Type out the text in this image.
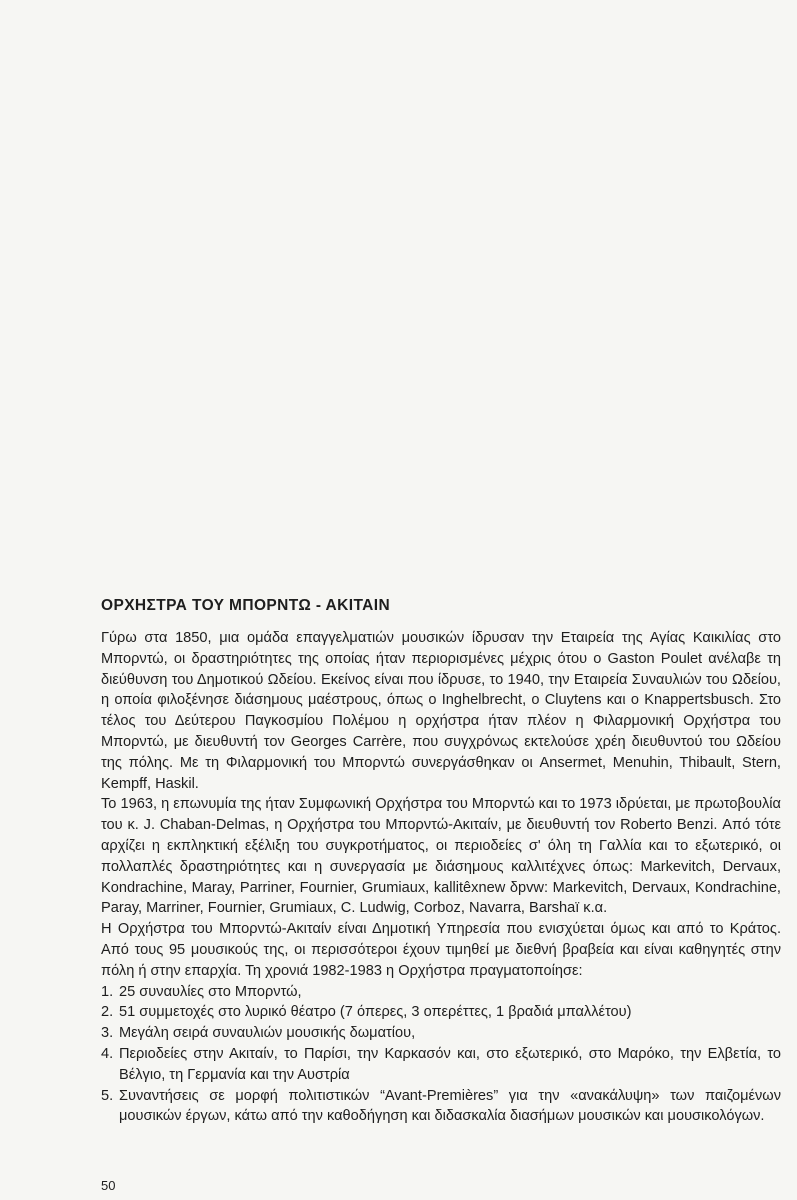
ΟΡΧΗΣΤΡΑ ΤΟΥ ΜΠΟΡΝΤΩ - ΑΚΙΤΑΙΝ

Γύρω στα 1850, μια ομάδα επαγγελματιών μουσικών ίδρυσαν την Εταιρεία της Αγίας Καικιλίας στο Μπορντώ, οι δραστηριότητες της οποίας ήταν περιορισμένες μέχρις ότου ο Gaston Poulet ανέλαβε τη διεύθυνση του Δημοτικού Ωδείου. Εκείνος είναι που ίδρυσε, το 1940, την Εταιρεία Συναυλιών του Ωδείου, η οποία φιλοξένησε διάσημους μαέστρους, όπως ο Inghelbrecht, ο Cluytens και ο Knappertsbusch. Στο τέλος του Δεύτερου Παγκοσμίου Πολέμου η ορχήστρα ήταν πλέον η Φιλαρμονική Ορχήστρα του Μπορντώ, με διευθυντή τον Georges Carrère, που συγχρόνως εκτελούσε χρέη διευθυντού του Ωδείου της πόλης. Με τη Φιλαρμονική του Μπορντώ συνεργάσθηκαν οι Ansermet, Menuhin, Thibault, Stern, Kempff, Haskil.

Το 1963, η επωνυμία της ήταν Συμφωνική Ορχήστρα του Μπορντώ και το 1973 ιδρύεται, με πρωτοβουλία του κ. J. Chaban-Delmas, η Ορχήστρα του Μπορντώ-Ακιταίν, με διευθυντή τον Roberto Benzi. Από τότε αρχίζει η εκπληκτική εξέλιξη του συγκροτήματος, οι περιοδείες σ' όλη τη Γαλλία και το εξωτερικό, οι πολλαπλές δραστηριότητες και η συνεργασία με διάσημους καλλιτέχνες όπως: Markevitch, Dervaux, Kondrachine, Maray, Parriner, Fournier, Grumiaux, kallitêxnew δpvw: Markevitch, Dervaux, Kondrachine, Paray, Marriner, Fournier, Grumiaux, C. Ludwig, Corboz, Navarra, Barshaï κ.α.

Η Ορχήστρα του Μπορντώ-Ακιταίν είναι Δημοτική Υπηρεσία που ενισχύεται όμως και από το Κράτος. Από τους 95 μουσικούς της, οι περισσότεροι έχουν τιμηθεί με διεθνή βραβεία και είναι καθηγητές στην πόλη ή στην επαρχία. Τη χρονιά 1982-1983 η Ορχήστρα πραγματοποίησε:

1. 25 συναυλίες στο Μπορντώ,
2. 51 συμμετοχές στο λυρικό θέατρο (7 όπερες, 3 οπερέττες, 1 βραδιά μπαλλέτου)
3. Μεγάλη σειρά συναυλιών μουσικής δωματίου,
4. Περιοδείες στην Ακιταίν, το Παρίσι, την Καρκασόν και, στο εξωτερικό, στο Μαρόκο, την Ελβετία, το Βέλγιο, τη Γερμανία και την Αυστρία
5. Συναντήσεις σε μορφή πολιτιστικών “Avant-Premières” για την «ανακάλυψη» των παιζομένων μουσικών έργων, κάτω από την καθοδήγηση και διδασκαλία διασήμων μουσικών και μουσικολόγων.
50
